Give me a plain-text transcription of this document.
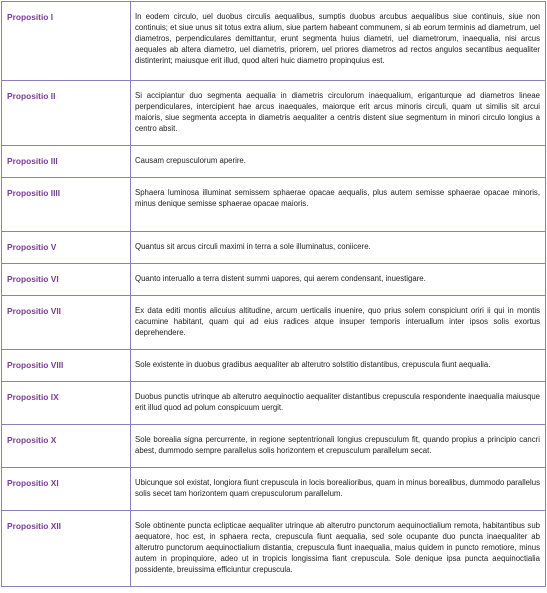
Propositio I	In eodem circulo, uel duobus circulis aequalibus, sumptis duobus arcubus aequalibus siue continuis, siue non continuis; et siue unus sit totus extra alium, siue partem habeant communem, si ab eorum terminis ad diametrum, uel diametros, perpendiculares demittantur, erunt segmenta huius diametri, uel diametrorum, inaequalia, nisi arcus aequales ab altera diametro, uel diametris, priorem, uel priores diametros ad rectos angulos secantibus aequaliter distinterint; maiusque erit illud, quod alteri huic diametro propinquius est.

Propositio II	Si accipiantur duo segmenta aequalia in diametris circulorum inaequalium, eriganturque ad diametros lineae perpendiculares, intercipient hae arcus inaequales, maiorque erit arcus minoris circuli, quam ut similis sit arcui maioris, siue segmenta accepta in diametris aequaliter a centris distent siue segmentum in minori circulo longius a centro absit.

Propositio III	Causam crepusculorum aperire.

Propositio IIII	Sphaera luminosa illuminat semissem sphaerae opacae aequalis, plus autem semisse sphaerae opacae minoris, minus denique semisse sphaerae opacae maioris.

Propositio V	Quantus sit arcus circuli maximi in terra a sole illuminatus, coniicere.

Propositio VI	Quanto interuallo a terra distent summi uapores, qui aerem condensant, inuestigare.

Propositio VII	Ex data editi montis alicuius altitudine, arcum uerticalis inuenire, quo prius solem conspiciunt oriri ii qui in montis cacumine habitant, quam qui ad eius radices atque insuper temporis interuallum inter ipsos solis exortus deprehendere.

Propositio VIII	Sole existente in duobus gradibus aequaliter ab alterutro solstitio distantibus, crepuscula fiunt aequalia.

Propositio IX	Duobus punctis utrinque ab alterutro aequinoctio aequaliter distantibus crepuscula respondente inaequalia maiusque erit illud quod ad polum conspicuum uergit.

Propositio X	Sole borealia signa percurrente, in regione septentrionali longius crepusculum fit, quando propius a principio cancri abest, dummodo sempre parallelus solis horizontem et crepusculum parallelum secat.

Propositio XI	Ubicunque sol existat, longiora fiunt crepuscula in locis borealioribus, quam in minus borealibus, dummodo parallelus solis secet tam horizontem quam crepusculorum parallelum.

Propositio XII	Sole obtinente puncta eclipticae aequaliter utrinque ab alterutro punctorum aequinoctialium remota, habitantibus sub aequatore, hoc est, in sphaera recta, crepuscula fiunt aequalia, sed sole ocupante duo puncta inaequaliter ab alterutro punctorum aequinoctialium distantia, crepuscula fiunt inaequalia, maius quidem in puncto remotiore, minus autem in propinquiore, adeo ut in tropicis longissima fiant crepuscula. Sole denique ipsa puncta aequinoctialia possidente, breuissima efficiuntur crepuscula.
